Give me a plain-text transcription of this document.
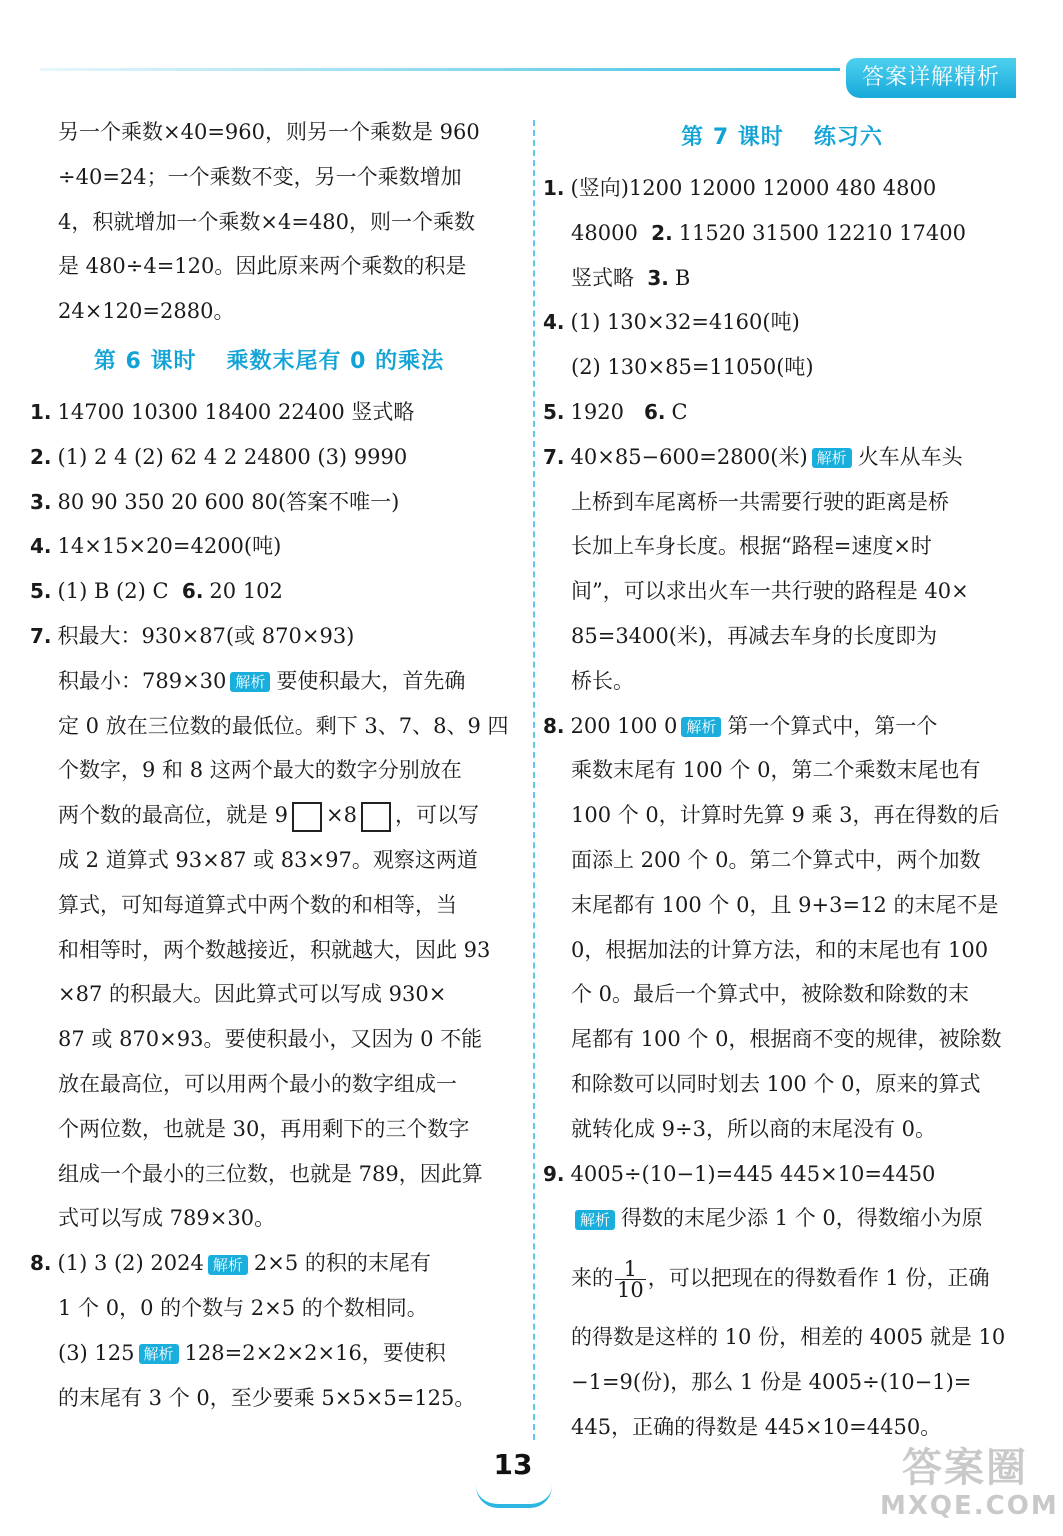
答案详解精析
另一个乘数×40=960，则另一个乘数是 960
÷40=24；一个乘数不变，另一个乘数增加
4，积就增加一个乘数×4=480，则一个乘数
是 480÷4=120。因此原来两个乘数的积是
24×120=2880。
第 6 课时 乘数末尾有 0 的乘法
1. 14700 10300 18400 22400 竖式略
2. (1) 2 4 (2) 62 4 2 24800 (3) 9990
3. 80 90 350 20 600 80(答案不唯一)
4. 14×15×20=4200(吨)
5. (1) B (2) C 6. 20 102
7. 积最大：930×87(或 870×93)
积最小：789×30 解析 要使积最大，首先确
定 0 放在三位数的最低位。剩下 3、7、8、9 四
个数字，9 和 8 这两个最大的数字分别放在
两个数的最高位，就是 9 ×8 ，可以写
成 2 道算式 93×87 或 83×97。观察这两道
算式，可知每道算式中两个数的和相等，当
和相等时，两个数越接近，积就越大，因此 93
×87 的积最大。因此算式可以写成 930×
87 或 870×93。要使积最小，又因为 0 不能
放在最高位，可以用两个最小的数字组成一
个两位数，也就是 30，再用剩下的三个数字
组成一个最小的三位数，也就是 789，因此算
式可以写成 789×30。
8. (1) 3 (2) 2024 解析 2×5 的积的末尾有
1 个 0，0 的个数与 2×5 的个数相同。
(3) 125 解析 128=2×2×2×16，要使积
的末尾有 3 个 0，至少要乘 5×5×5=125。
第 7 课时 练习六
1. (竖向)1200 12000 12000 480 4800
48000 2. 11520 31500 12210 17400
竖式略 3. B
4. (1) 130×32=4160(吨)
(2) 130×85=11050(吨)
5. 1920 6. C
7. 40×85−600=2800(米) 解析 火车从车头
上桥到车尾离桥一共需要行驶的距离是桥
长加上车身长度。根据“路程=速度×时
间”，可以求出火车一共行驶的路程是 40×
85=3400(米)，再减去车身的长度即为
桥长。
8. 200 100 0 解析 第一个算式中，第一个
乘数末尾有 100 个 0，第二个乘数末尾也有
100 个 0，计算时先算 9 乘 3，再在得数的后
面添上 200 个 0。第二个算式中，两个加数
末尾都有 100 个 0，且 9+3=12 的末尾不是
0，根据加法的计算方法，和的末尾也有 100
个 0。最后一个算式中，被除数和除数的末
尾都有 100 个 0，根据商不变的规律，被除数
和除数可以同时划去 100 个 0，原来的算式
就转化成 9÷3，所以商的末尾没有 0。
9. 4005÷(10−1)=445 445×10=4450
解析 得数的末尾少添 1 个 0，得数缩小为原
来的 $\frac{1}{10}$ ，可以把现在的得数看作 1 份，正确
的得数是这样的 10 份，相差的 4005 就是 10
−1=9(份)，那么 1 份是 4005÷(10−1)=
445，正确的得数是 445×10=4450。
13	答案圈
MXQE.COM
